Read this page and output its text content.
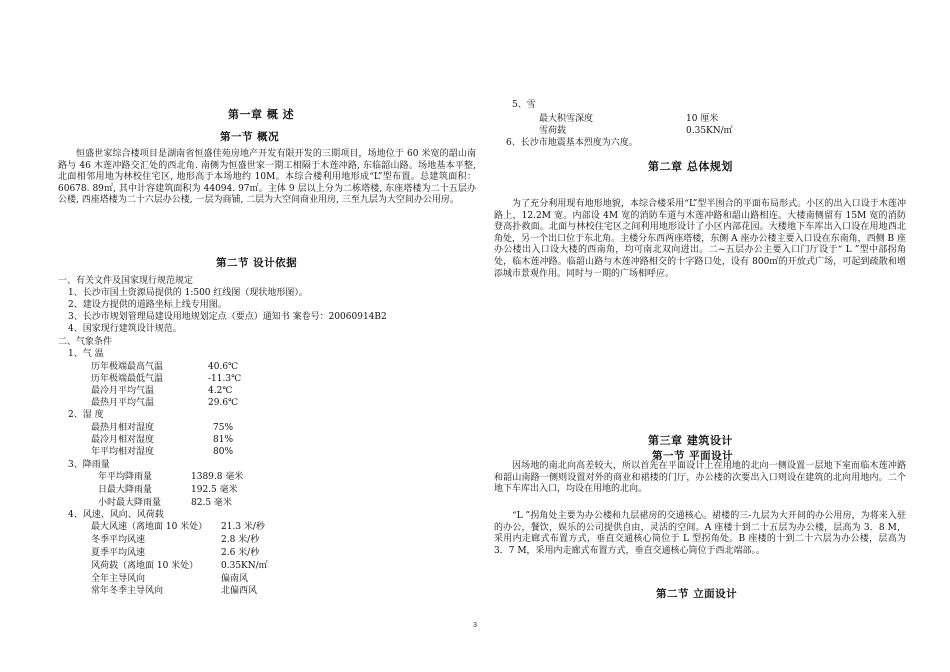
第一章 概 述
第一节 概况

恒盛世家综合楼项目是湖南省恒盛佳苑房地产开发有限开发的三期项目，场地位于 60 米宽的韶山南路与 46 木莲冲路交汇处的西北角. 南侧为恒盛世家一期工相隔于木莲冲路, 东临韶山路。场地基本平整, 北面相邻用地为林校住宅区, 地形高于本场地约 10M。本综合楼利用地形成“L”型布置。总建筑面积：60678. 89㎡, 其中计容建筑面积为 44094. 97㎡。主体 9 层以上分为二栋塔楼, 东座塔楼为二十五层办公楼, 西座塔楼为二十六层办公楼, 一层为商铺, 二层为大空间商业用房, 三至九层为大空间办公用房。

第二节 设计依据
一、有关文件及国家现行规范规定
1、长沙市国土资源局提供的 1:500 红线图（现状地形图）。
2、建设方提供的道路坐标上线专用图。
3、长沙市规划管理局建设用地规划定点（要点）通知书 案卷号：20060914B2
4、国家现行建筑设计规范。
二、气象条件
1、气 温
历年极端最高气温	40.6℃
历年极端最低气温	-11.3℃
最冷月平均气温	4.2℃
最热月平均气温	29.6℃
2、湿 度
最热月相对湿度	75%
最冷月相对湿度	81%
年平均相对湿度	80%
3、降雨量
年平均降雨量	1389.8 毫米
日最大降雨量	192.5 毫米
小时最大降雨量	82.5 毫米
4、风速、风向、风荷载
最大风速（离地面 10 米处） 21.3 米/秒
冬季平均风速	2.8 米/秒
夏季平均风速	2.6 米/秒
风荷载（离地面 10 米处）	0.35KN/㎡
全年主导风向	偏南风
常年冬季主导风向	北偏西风
5、雪
最大积雪深度	10 厘米
雪荷载	0.35KN/㎡
6、长沙市地震基本烈度为六度。
第二章 总体规划

为了充分利用现有地形地貌，本综合楼采用“L”型半围合的平面布局形式。小区的出入口设于木莲冲路上，12.2M 宽。内部设 4M 宽的消防车道与木莲冲路和韶山路相连。大楼南侧留有 15M 宽的消防登高扑救面。北面与林校住宅区之间利用地形设计了小区内部花园。大楼地下车库出入口设在用地西北角处，另一个出口位于东北角。主楼分东西两座塔楼，东侧 A 座办公楼主要入口设在东南角，西侧 B 座办公楼出入口设大楼的西南角，均可南北双向进出。二~五层办公主要入口门厅设于“ L ”型中部拐角处，临木莲冲路。临韶山路与木莲冲路相交的十字路口处，设有 800㎡的开放式广场，可起到疏散和增添城市景观作用。同时与一期的广场相呼应。

第三章 建筑设计
第一节 平面设计

因场地的南北向高差较大，所以首先在平面设计上在用地的北向一侧设置一层地下室而临木莲冲路和韶山南路一侧则设置对外的商业和裙楼的门厅，办公楼的次要出入口则设在建筑的北向用地内。二个地下车库出入口，均设在用地的北向。

“L ”拐角处主要为办公楼和九层裙房的交通核心。裙楼的三-九层为大开间的办公用房，为将来入驻的办公，餐饮，娱乐的公司提供自由，灵活的空间。A 座楼十到二十五层为办公楼，层高为 3．8 M，采用内走廊式布置方式，垂直交通核心筒位于 L 型拐角处。B 座楼的十到二十六层为办公楼，层高为 3．7 M，采用内走廊式布置方式，垂直交通核心筒位于西北端部。。

第二节 立面设计
3
